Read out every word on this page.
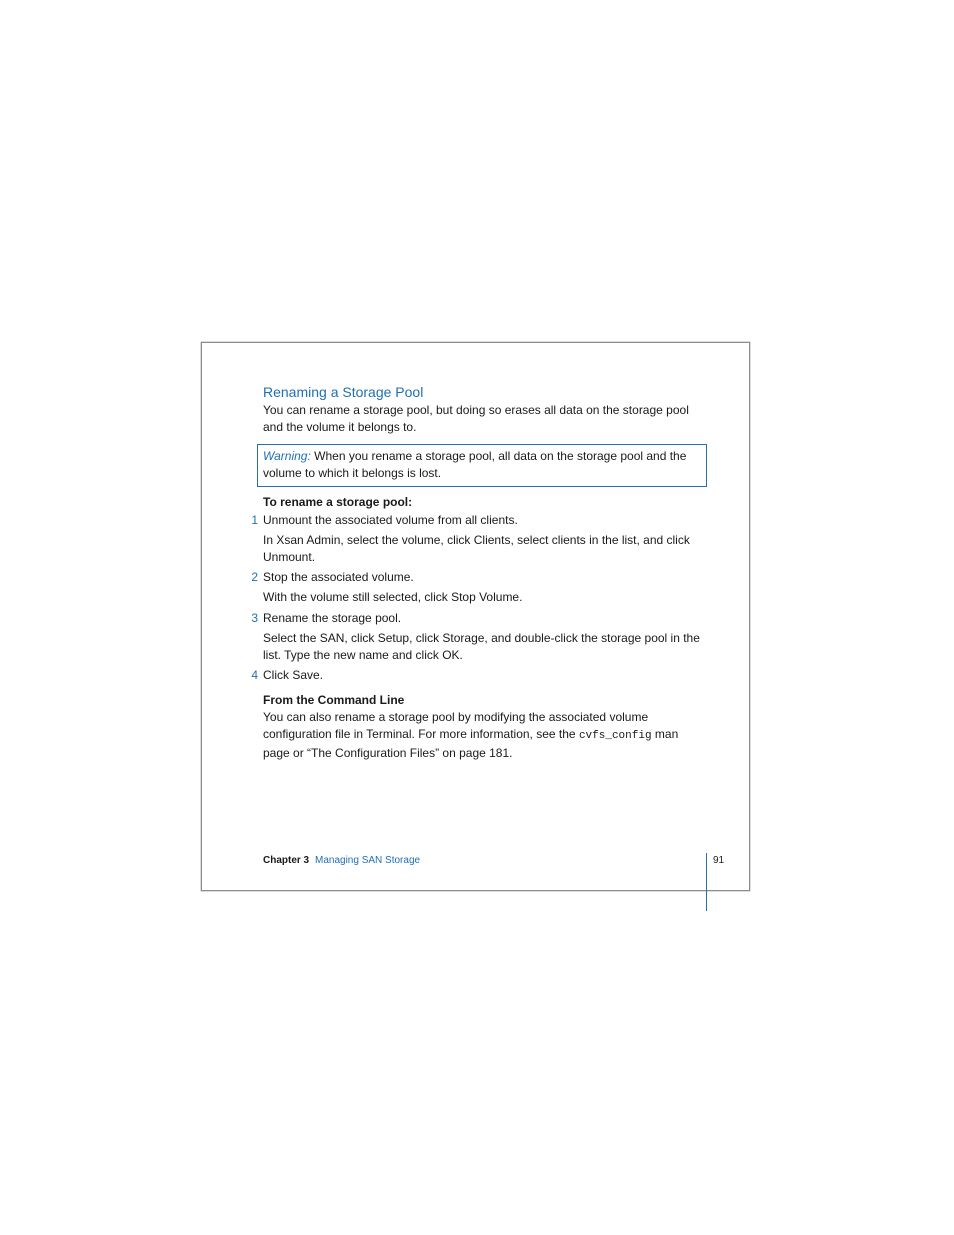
Renaming a Storage Pool

You can rename a storage pool, but doing so erases all data on the storage pool and the volume it belongs to.

Warning: When you rename a storage pool, all data on the storage pool and the volume to which it belongs is lost.

To rename a storage pool:

1 Unmount the associated volume from all clients.

In Xsan Admin, select the volume, click Clients, select clients in the list, and click Unmount.

2 Stop the associated volume.

With the volume still selected, click Stop Volume.

3 Rename the storage pool.

Select the SAN, click Setup, click Storage, and double-click the storage pool in the list. Type the new name and click OK.

4 Click Save.

From the Command Line

You can also rename a storage pool by modifying the associated volume configuration file in Terminal. For more information, see the cvfs_config man page or “The Configuration Files” on page 181.

Chapter 3 Managing SAN Storage	91
